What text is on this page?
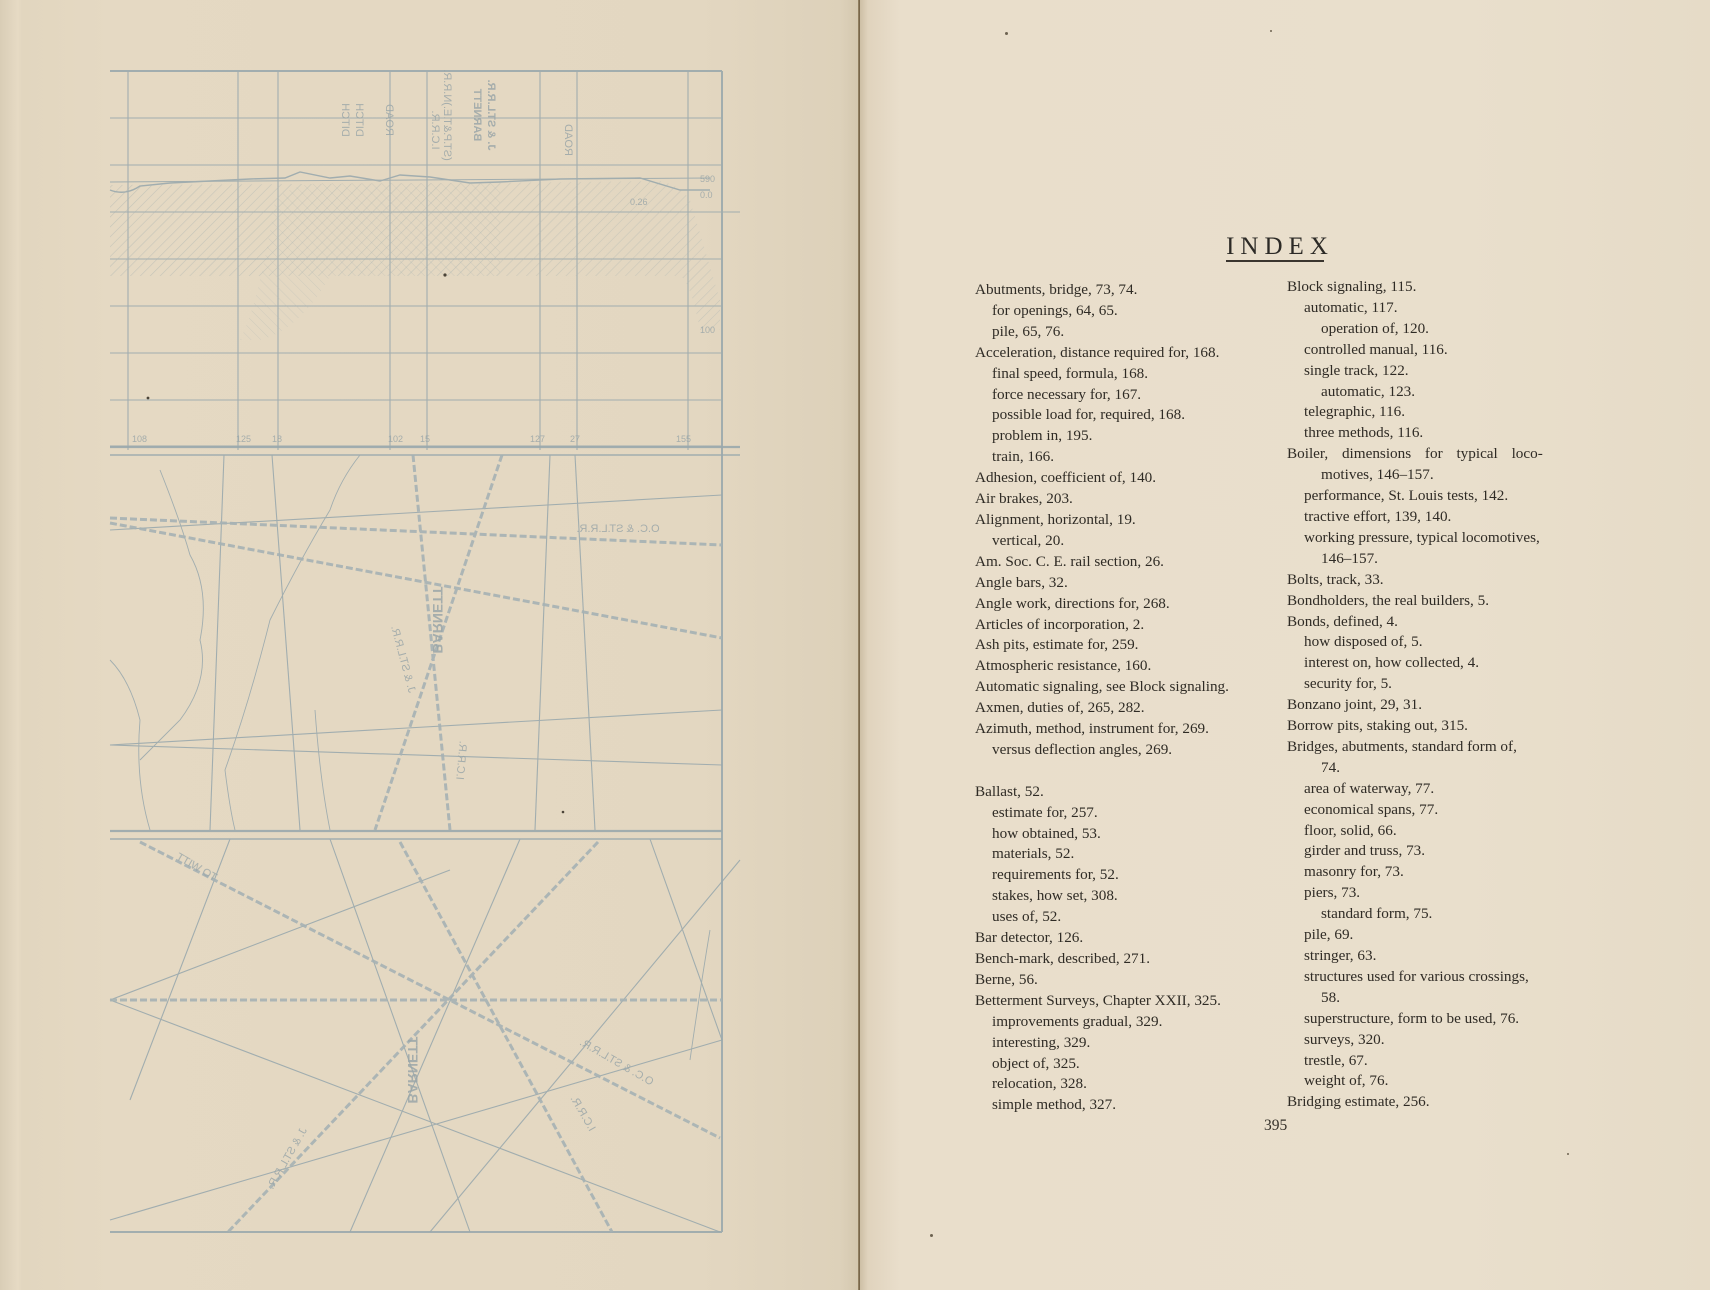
DITCH DITCH ROAD	I.C.R.R. (ST.P.&T.E.)N.R.R. BARNETT J. & ST.L.R.R.	ROAD
O.C. & ST.L.R.R.
BARNETT
J. & ST.L.R.R.
I.C.R.R.
TO WITT
O.C. & ST.L.R.R.
BARNETT
J. & ST.L.R.R.
I.C.R.R.
108	125 18	102 15	127	27	155
590
0.0
0.26
100
INDEX
Abutments, bridge, 73, 74.
for openings, 64, 65.
pile, 65, 76.
Acceleration, distance required for, 168.
final speed, formula, 168.
force necessary for, 167.
possible load for, required, 168.
problem in, 195.
train, 166.
Adhesion, coefficient of, 140.
Air brakes, 203.
Alignment, horizontal, 19.
vertical, 20.
Am. Soc. C. E. rail section, 26.
Angle bars, 32.
Angle work, directions for, 268.
Articles of incorporation, 2.
Ash pits, estimate for, 259.
Atmospheric resistance, 160.
Automatic signaling, see Block signaling.
Axmen, duties of, 265, 282.
Azimuth, method, instrument for, 269.
versus deflection angles, 269.
Ballast, 52.
estimate for, 257.
how obtained, 53.
materials, 52.
requirements for, 52.
stakes, how set, 308.
uses of, 52.
Bar detector, 126.
Bench-mark, described, 271.
Berne, 56.
Betterment Surveys, Chapter XXII, 325.
improvements gradual, 329.
interesting, 329.
object of, 325.
relocation, 328.
simple method, 327.
Block signaling, 115.
automatic, 117.
operation of, 120.
controlled manual, 116.
single track, 122.
automatic, 123.
telegraphic, 116.
three methods, 116.
Boiler, dimensions for typical loco-
motives, 146–157.
performance, St. Louis tests, 142.
tractive effort, 139, 140.
working pressure, typical locomotives,
146–157.
Bolts, track, 33.
Bondholders, the real builders, 5.
Bonds, defined, 4.
how disposed of, 5.
interest on, how collected, 4.
security for, 5.
Bonzano joint, 29, 31.
Borrow pits, staking out, 315.
Bridges, abutments, standard form of,
74.
area of waterway, 77.
economical spans, 77.
floor, solid, 66.
girder and truss, 73.
masonry for, 73.
piers, 73.
standard form, 75.
pile, 69.
stringer, 63.
structures used for various crossings,
58.
superstructure, form to be used, 76.
surveys, 320.
trestle, 67.
weight of, 76.
Bridging estimate, 256.
395
